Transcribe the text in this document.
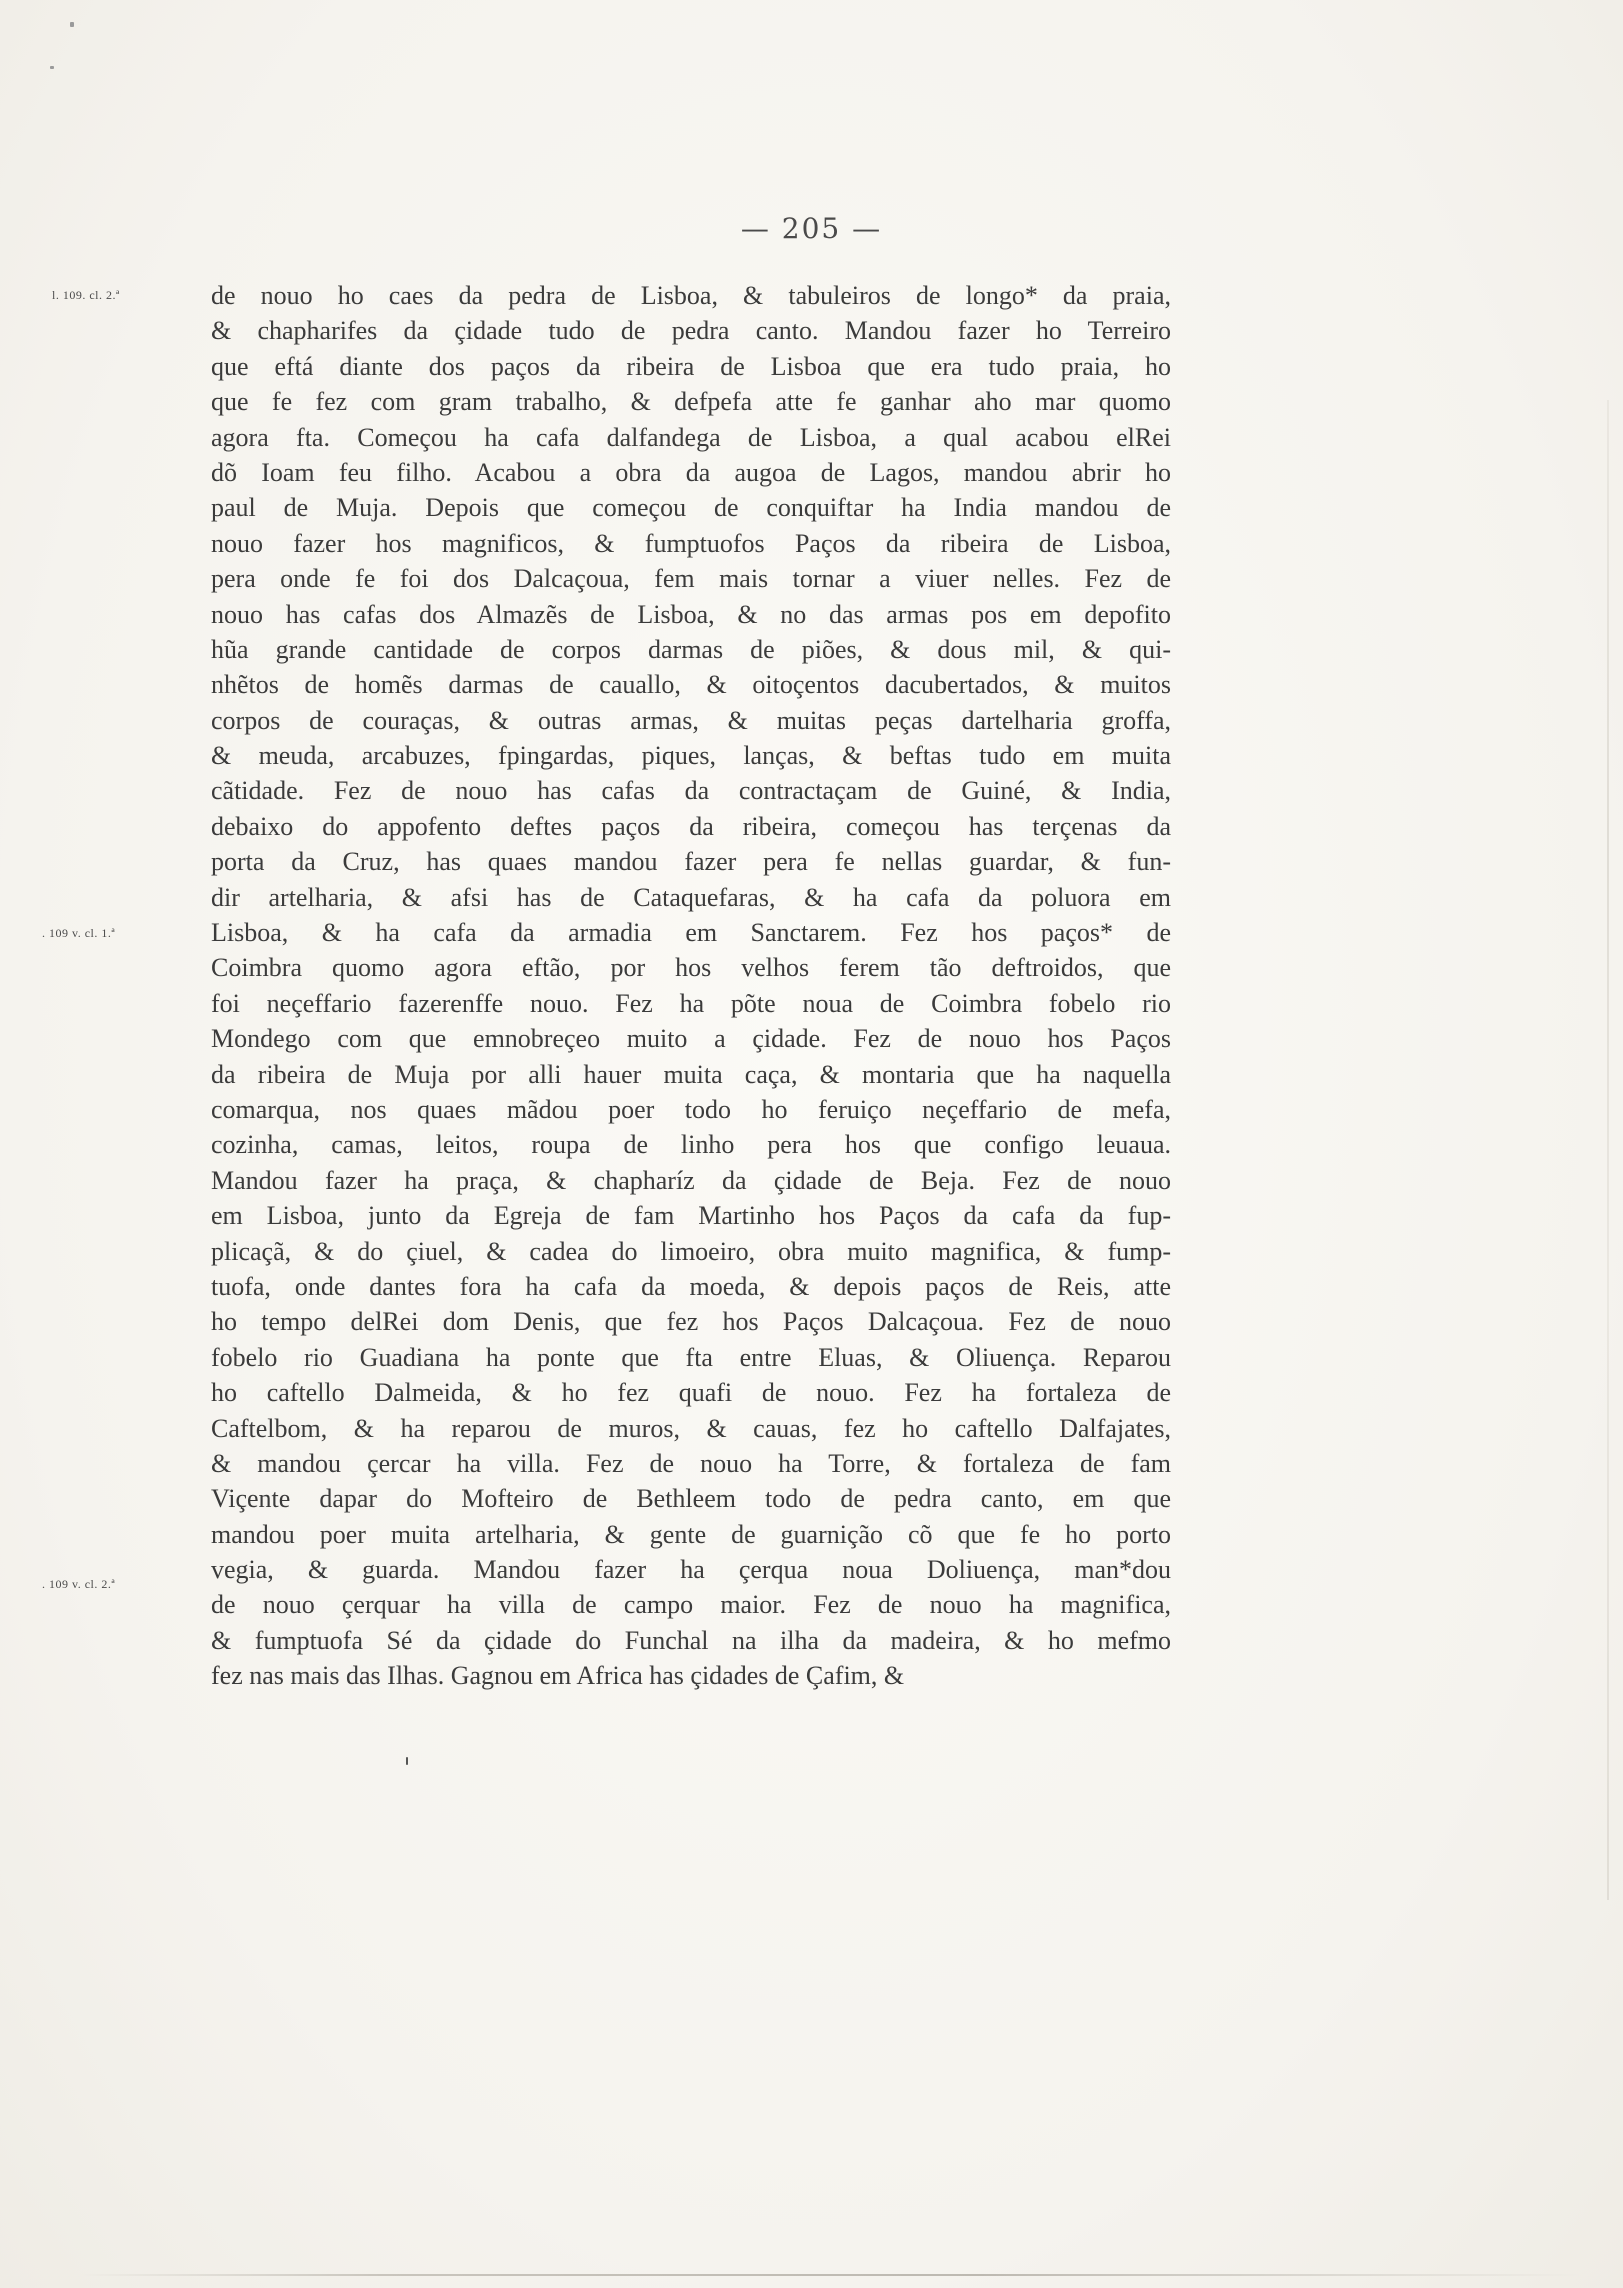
— 205 —
l. 109. cl. 2.ª
. 109 v. cl. 1.ª
. 109 v. cl. 2.ª
de nouo ho caes da pedra de Lisboa, & tabuleiros de longo* da praia,
& chapharifes da çidade tudo de pedra canto. Mandou fazer ho Terreiro
que eftá diante dos paços da ribeira de Lisboa que era tudo praia, ho
que fe fez com gram trabalho, & defpefa atte fe ganhar aho mar quomo
agora fta. Começou ha cafa dalfandega de Lisboa, a qual acabou elRei
dõ Ioam feu filho. Acabou a obra da augoa de Lagos, mandou abrir ho
paul de Muja. Depois que começou de conquiftar ha India mandou de
nouo fazer hos magnificos, & fumptuofos Paços da ribeira de Lisboa,
pera onde fe foi dos Dalcaçoua, fem mais tornar a viuer nelles. Fez de
nouo has cafas dos Almazẽs de Lisboa, & no das armas pos em depofito
hũa grande cantidade de corpos darmas de piões, & dous mil, & qui-
nhẽtos de homẽs darmas de cauallo, & oitoçentos dacubertados, & muitos
corpos de couraças, & outras armas, & muitas peças dartelharia groffa,
& meuda, arcabuzes, fpingardas, piques, lanças, & beftas tudo em muita
cãtidade. Fez de nouo has cafas da contractaçam de Guiné, & India,
debaixo do appofento deftes paços da ribeira, começou has terçenas da
porta da Cruz, has quaes mandou fazer pera fe nellas guardar, & fun-
dir artelharia, & afsi has de Cataquefaras, & ha cafa da poluora em
Lisboa, & ha cafa da armadia em Sanctarem. Fez hos paços* de
Coimbra quomo agora eftão, por hos velhos ferem tão deftroidos, que
foi neçeffario fazerenffe nouo. Fez ha põte noua de Coimbra fobelo rio
Mondego com que emnobreçeo muito a çidade. Fez de nouo hos Paços
da ribeira de Muja por alli hauer muita caça, & montaria que ha naquella
comarqua, nos quaes mãdou poer todo ho feruiço neçeffario de mefa,
cozinha, camas, leitos, roupa de linho pera hos que configo leuaua.
Mandou fazer ha praça, & chapharíz da çidade de Beja. Fez de nouo
em Lisboa, junto da Egreja de fam Martinho hos Paços da cafa da fup-
plicaçã, & do çiuel, & cadea do limoeiro, obra muito magnifica, & fump-
tuofa, onde dantes fora ha cafa da moeda, & depois paços de Reis, atte
ho tempo delRei dom Denis, que fez hos Paços Dalcaçoua. Fez de nouo
fobelo rio Guadiana ha ponte que fta entre Eluas, & Oliuença. Reparou
ho caftello Dalmeida, & ho fez quafi de nouo. Fez ha fortaleza de
Caftelbom, & ha reparou de muros, & cauas, fez ho caftello Dalfajates,
& mandou çercar ha villa. Fez de nouo ha Torre, & fortaleza de fam
Viçente dapar do Mofteiro de Bethleem todo de pedra canto, em que
mandou poer muita artelharia, & gente de guarnição cõ que fe ho porto
vegia, & guarda. Mandou fazer ha çerqua noua Doliuença, man*dou
de nouo çerquar ha villa de campo maior. Fez de nouo ha magnifica,
& fumptuofa Sé da çidade do Funchal na ilha da madeira, & ho mefmo
fez nas mais das Ilhas. Gagnou em Africa has çidades de Çafim, &
